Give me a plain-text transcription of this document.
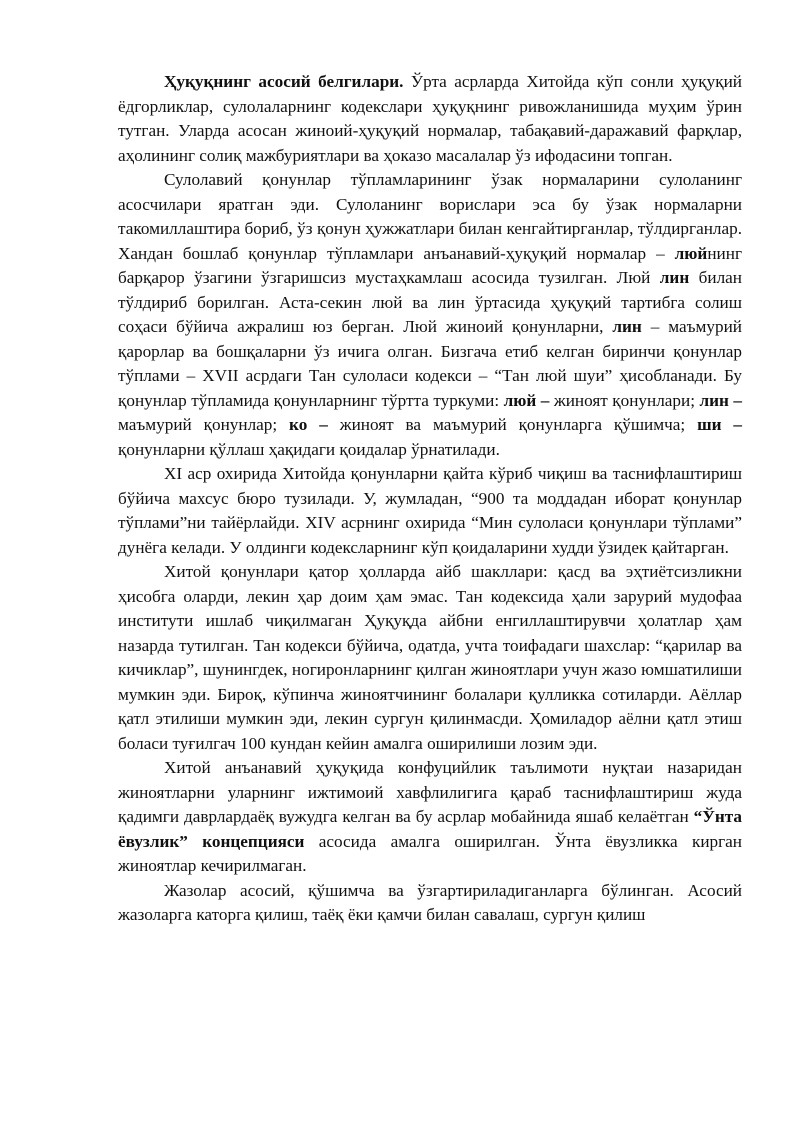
Ҳуқуқнинг асосий белгилари. Ўрта асрларда Хитойда кўп сонли ҳуқуқий ёдгорликлар, сулолаларнинг кодекслари ҳуқуқнинг ривожланишида муҳим ўрин тутган. Уларда асосан жиноий-ҳуқуқий нормалар, табақавий-даражавий фарқлар, аҳолининг солиқ мажбуриятлари ва ҳоказо масалалар ўз ифодасини топган.

Сулолавий қонунлар тўпламларининг ўзак нормаларини сулоланинг асосчилари яратган эди. Сулоланинг ворислари эса бу ўзак нормаларни такомиллаштира бориб, ўз қонун ҳужжатлари билан кенгайтирганлар, тўлдирганлар. Хандан бошлаб қонунлар тўпламлари анъанавий-ҳуқуқий нормалар – люйнинг барқарор ўзагини ўзгаришсиз мустаҳкамлаш асосида тузилган. Люй лин билан тўлдириб борилган. Аста-секин люй ва лин ўртасида ҳуқуқий тартибга солиш соҳаси бўйича ажралиш юз берган. Люй жиноий қонунларни, лин – маъмурий қарорлар ва бошқаларни ўз ичига олган. Бизгача етиб келган биринчи қонунлар тўплами – XVII асрдаги Тан сулоласи кодекси – “Тан люй шуи” ҳисобланади. Бу қонунлар тўпламида қонунларнинг тўртта туркуми: люй – жиноят қонунлари; лин – маъмурий қонунлар; ко – жиноят ва маъмурий қонунларга қўшимча; ши – қонунларни қўллаш ҳақидаги қоидалар ўрнатилади.

XI аср охирида Хитойда қонунларни қайта кўриб чиқиш ва таснифлаштириш бўйича махсус бюро тузилади. У, жумладан, “900 та моддадан иборат қонунлар тўплами”ни тайёрлайди. XIV асрнинг охирида “Мин сулоласи қонунлари тўплами” дунёга келади. У олдинги кодексларнинг кўп қоидаларини худди ўзидек қайтарган.

Хитой қонунлари қатор ҳолларда айб шакллари: қасд ва эҳтиётсизликни ҳисобга оларди, лекин ҳар доим ҳам эмас. Тан кодексида ҳали зарурий мудофаа институти ишлаб чиқилмаган Ҳуқуқда айбни енгиллаштирувчи ҳолатлар ҳам назарда тутилган. Тан кодекси бўйича, одатда, учта тоифадаги шахслар: “қарилар ва кичиклар”, шунингдек, ногиронларнинг қилган жиноятлари учун жазо юмшатилиши мумкин эди. Бироқ, кўпинча жиноятчининг болалари қулликка сотиларди. Аёллар қатл этилиши мумкин эди, лекин сургун қилинмасди. Ҳомиладор аёлни қатл этиш боласи туғилгач 100 кундан кейин амалга оширилиши лозим эди.

Хитой анъанавий ҳуқуқида конфуцийлик таълимоти нуқтаи назаридан жиноятларни уларнинг ижтимоий хавфлилигига қараб таснифлаштириш жуда қадимги даврлардаёқ вужудга келган ва бу асрлар мобайнида яшаб келаётган “Ўнта ёвузлик” концепцияси асосида амалга оширилган. Ўнта ёвузликка кирган жиноятлар кечирилмаган.

Жазолар асосий, қўшимча ва ўзгартириладиганларга бўлинган. Асосий жазоларга каторга қилиш, таёқ ёки қамчи билан савалаш, сургун қилиш
